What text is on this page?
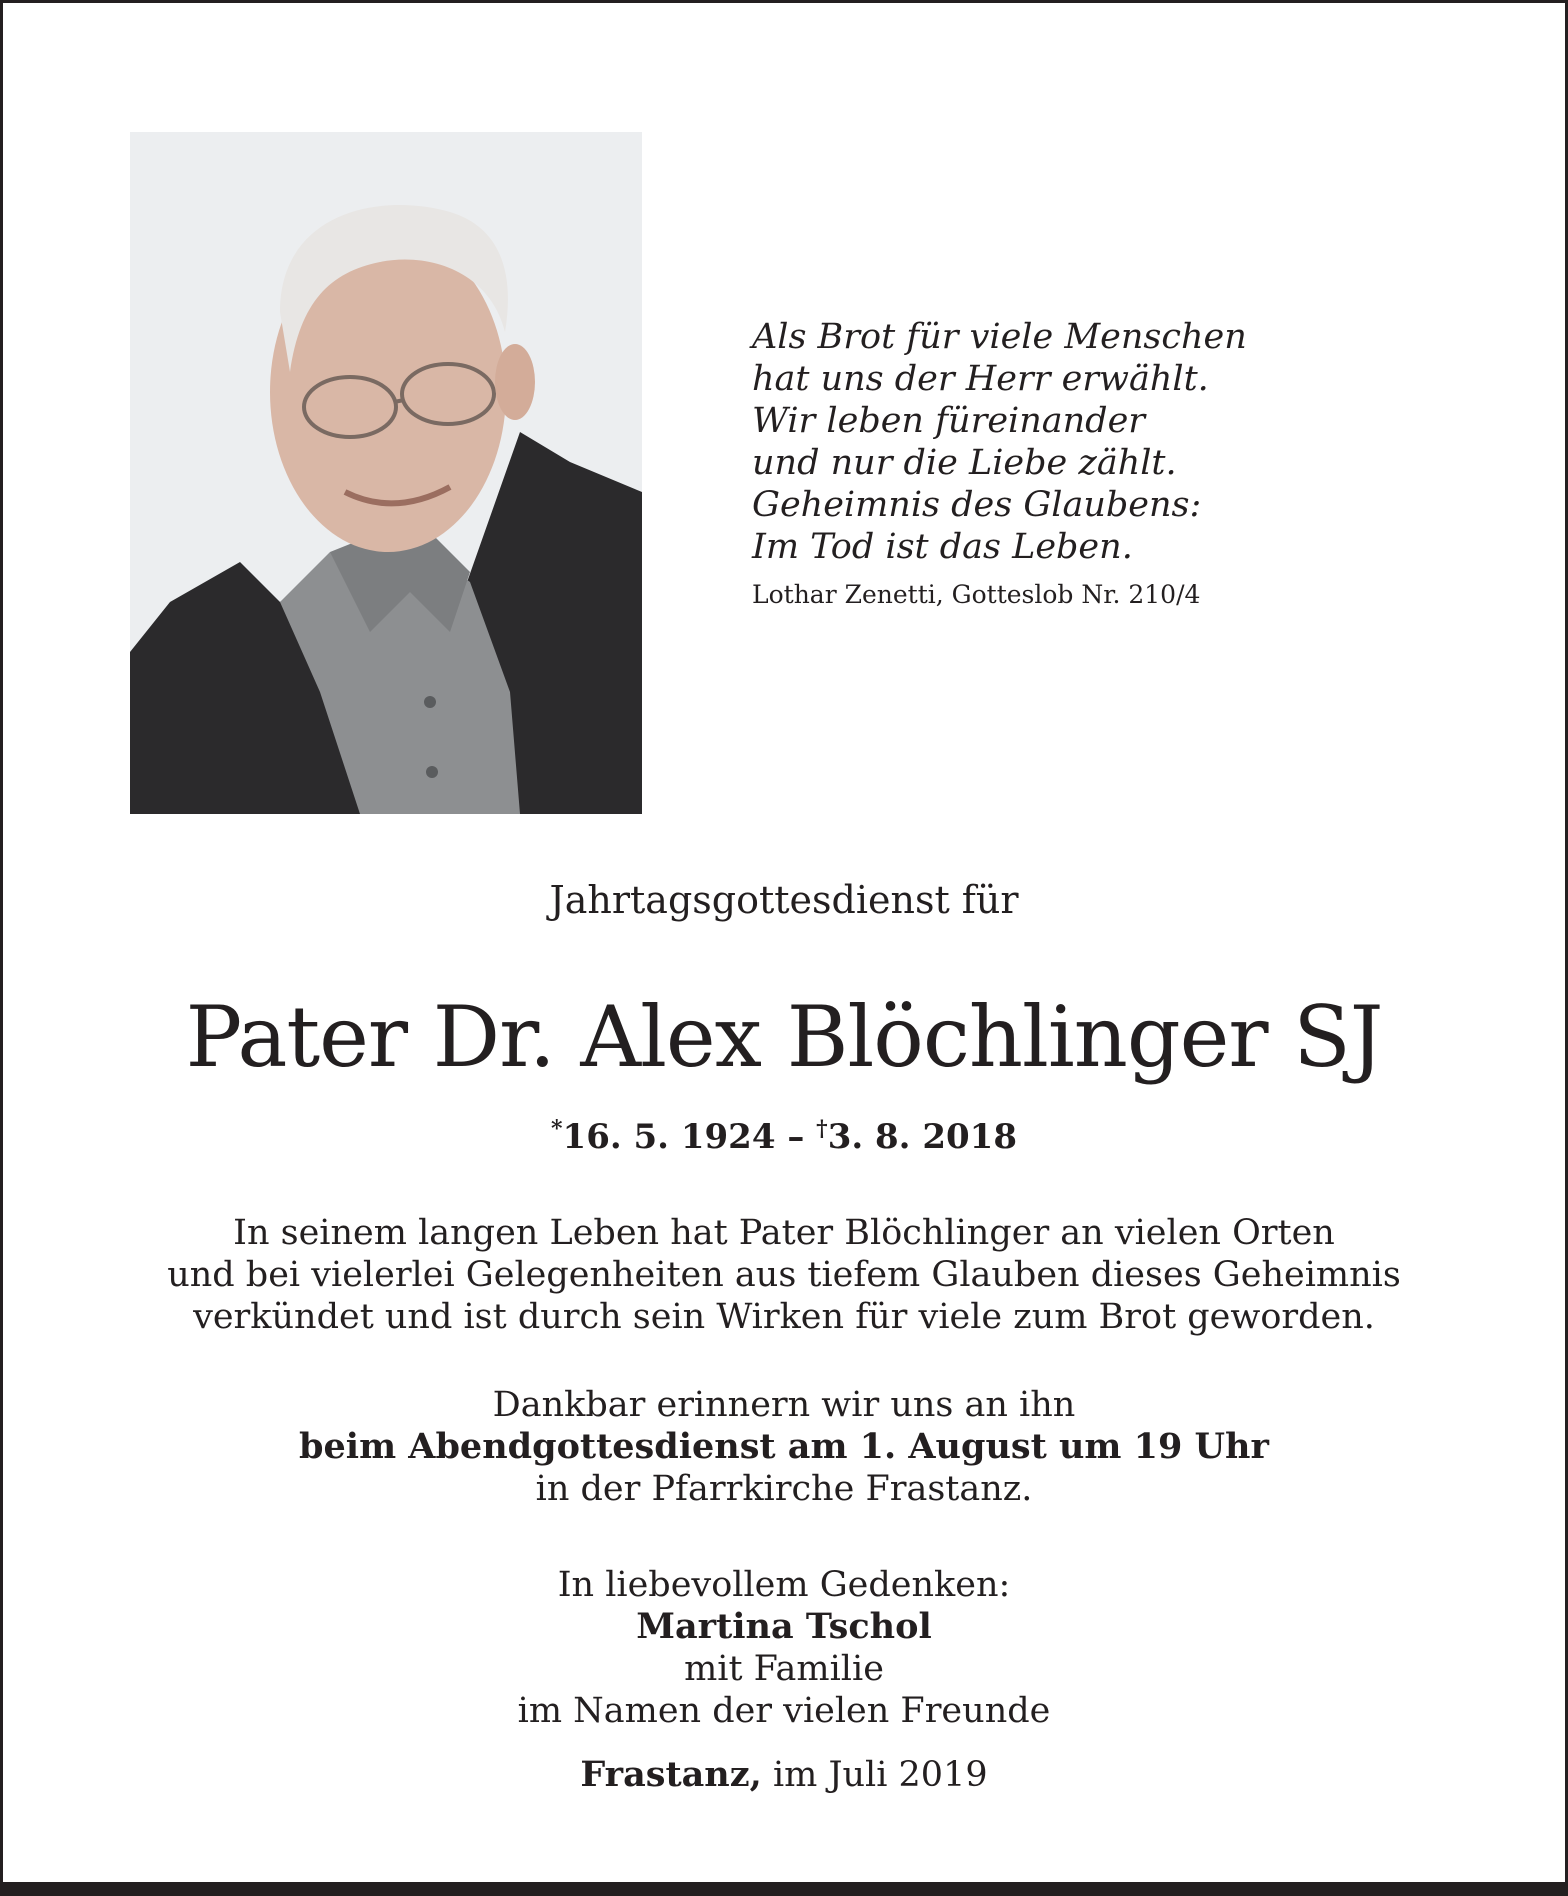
Als Brot für viele Menschen
hat uns der Herr erwählt.
Wir leben füreinander
und nur die Liebe zählt.
Geheimnis des Glaubens:
Im Tod ist das Leben.
Lothar Zenetti, Gotteslob Nr. 210/4
Jahrtagsgottesdienst für
Pater Dr. Alex Blöchlinger SJ
*16. 5. 1924 – †3. 8. 2018
In seinem langen Leben hat Pater Blöchlinger an vielen Orten
und bei vielerlei Gelegenheiten aus tiefem Glauben dieses Geheimnis
verkündet und ist durch sein Wirken für viele zum Brot geworden.
Dankbar erinnern wir uns an ihn
beim Abendgottesdienst am 1. August um 19 Uhr
in der Pfarrkirche Frastanz.
In liebevollem Gedenken:
Martina Tschol
mit Familie
im Namen der vielen Freunde
Frastanz, im Juli 2019
